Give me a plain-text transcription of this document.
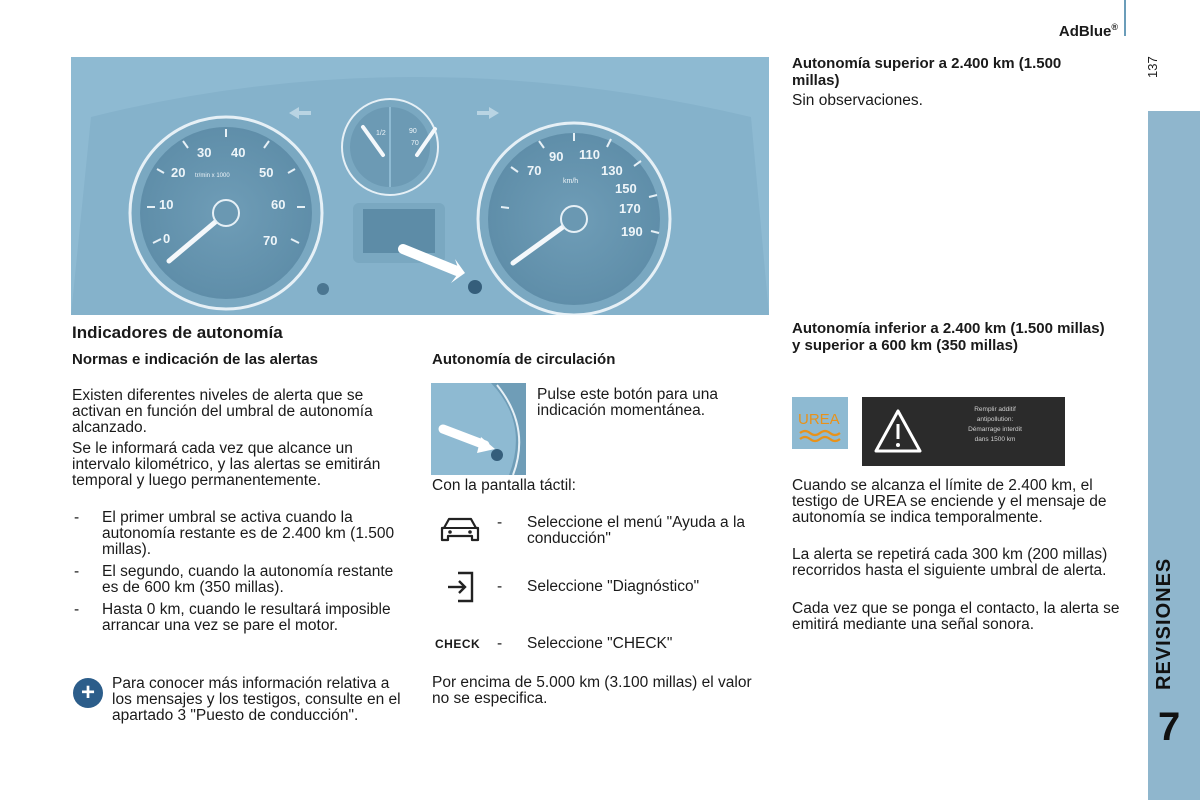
AdBlue®
137
REVISIONES
7
0
10
20
30 40
50
60
70
tr/min x 1000	70
90 110
130
150
170
190
km/h
1/2	90
70
Indicadores de autonomía
Normas e indicación de las alertas
Existen diferentes niveles de alerta que se activan en función del umbral de autonomía alcanzado.
Se le informará cada vez que alcance un intervalo kilométrico, y las alertas se emitirán temporal y luego permanentemente.
- El primer umbral se activa cuando la autonomía restante es de 2.400 km (1.500 millas).
- El segundo, cuando la autonomía restante es de 600 km (350 millas).
- Hasta 0 km, cuando le resultará imposible arrancar una vez se pare el motor.
+	Para conocer más información relativa a los mensajes y los testigos, consulte en el apartado 3 "Puesto de conducción".
Autonomía de circulación
Pulse este botón para una indicación momentánea.
Con la pantalla táctil:
- Seleccione el menú "Ayuda a la conducción"
- Seleccione "Diagnóstico"
CHECK - Seleccione "CHECK"
Por encima de 5.000 km (3.100 millas) el valor no se especifica.
Autonomía superior a 2.400 km (1.500 millas)
Sin observaciones.
Autonomía inferior a 2.400 km (1.500 millas) y superior a 600 km (350 millas)
UREA
Remplir additif
antipollution:
Démarrage interdit
dans 1500 km
Cuando se alcanza el límite de 2.400 km, el testigo de UREA se enciende y el mensaje de autonomía se indica temporalmente.
La alerta se repetirá cada 300 km (200 millas) recorridos hasta el siguiente umbral de alerta.
Cada vez que se ponga el contacto, la alerta se emitirá mediante una señal sonora.
